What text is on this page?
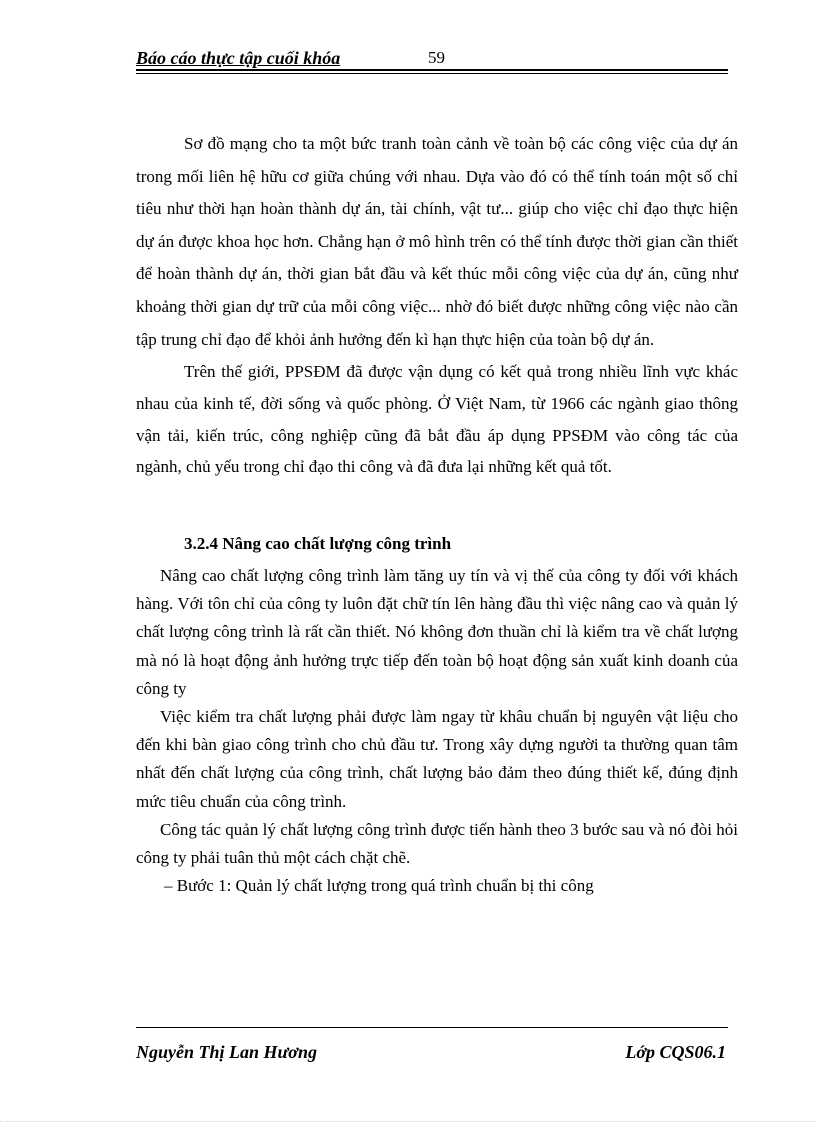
Báo cáo thực tập cuối khóa	59

Sơ đồ mạng cho ta một bức tranh toàn cảnh về toàn bộ các công việc của dự án trong mối liên hệ hữu cơ giữa chúng với nhau. Dựa vào đó có thể tính toán một số chỉ tiêu như thời hạn hoàn thành dự án, tài chính, vật tư... giúp cho việc chỉ đạo thực hiện dự án được khoa học hơn. Chẳng hạn ở mô hình trên có thể tính được thời gian cần thiết để hoàn thành dự án, thời gian bắt đầu và kết thúc mỗi công việc của dự án, cũng như khoảng thời gian dự trữ của mỗi công việc... nhờ đó biết được những công việc nào cần tập trung chỉ đạo để khỏi ảnh hưởng đến kì hạn thực hiện của toàn bộ dự án.

Trên thế giới, PPSĐM đã được vận dụng có kết quả trong nhiều lĩnh vực khác nhau của kinh tế, đời sống và quốc phòng. Ở Việt Nam, từ 1966 các ngành giao thông vận tải, kiến trúc, công nghiệp cũng đã bắt đầu áp dụng PPSĐM vào công tác của ngành, chủ yếu trong chỉ đạo thi công và đã đưa lại những kết quả tốt.

3.2.4 Nâng cao chất lượng công trình

Nâng cao chất lượng công trình làm tăng uy tín và vị thế của công ty đối với khách hàng. Với tôn chỉ của công ty luôn đặt chữ tín lên hàng đầu thì việc nâng cao và quản lý chất lượng công trình là rất cần thiết. Nó không đơn thuần chỉ là kiểm tra về chất lượng mà nó là hoạt động ảnh hưởng trực tiếp đến toàn bộ hoạt động sản xuất kinh doanh của công ty

Việc kiểm tra chất lượng phải được làm ngay từ khâu chuẩn bị nguyên vật liệu cho đến khi bàn giao công trình cho chủ đầu tư. Trong xây dựng người ta thường quan tâm nhất đến chất lượng của công trình, chất lượng bảo đảm theo đúng thiết kế, đúng định mức tiêu chuẩn của công trình.

Công tác quản lý chất lượng công trình được tiến hành theo 3 bước sau và nó đòi hỏi công ty phải tuân thủ một cách chặt chẽ.

– Bước 1: Quản lý chất lượng trong quá trình chuẩn bị thi công

Nguyễn Thị Lan Hương	Lớp CQS06.1
